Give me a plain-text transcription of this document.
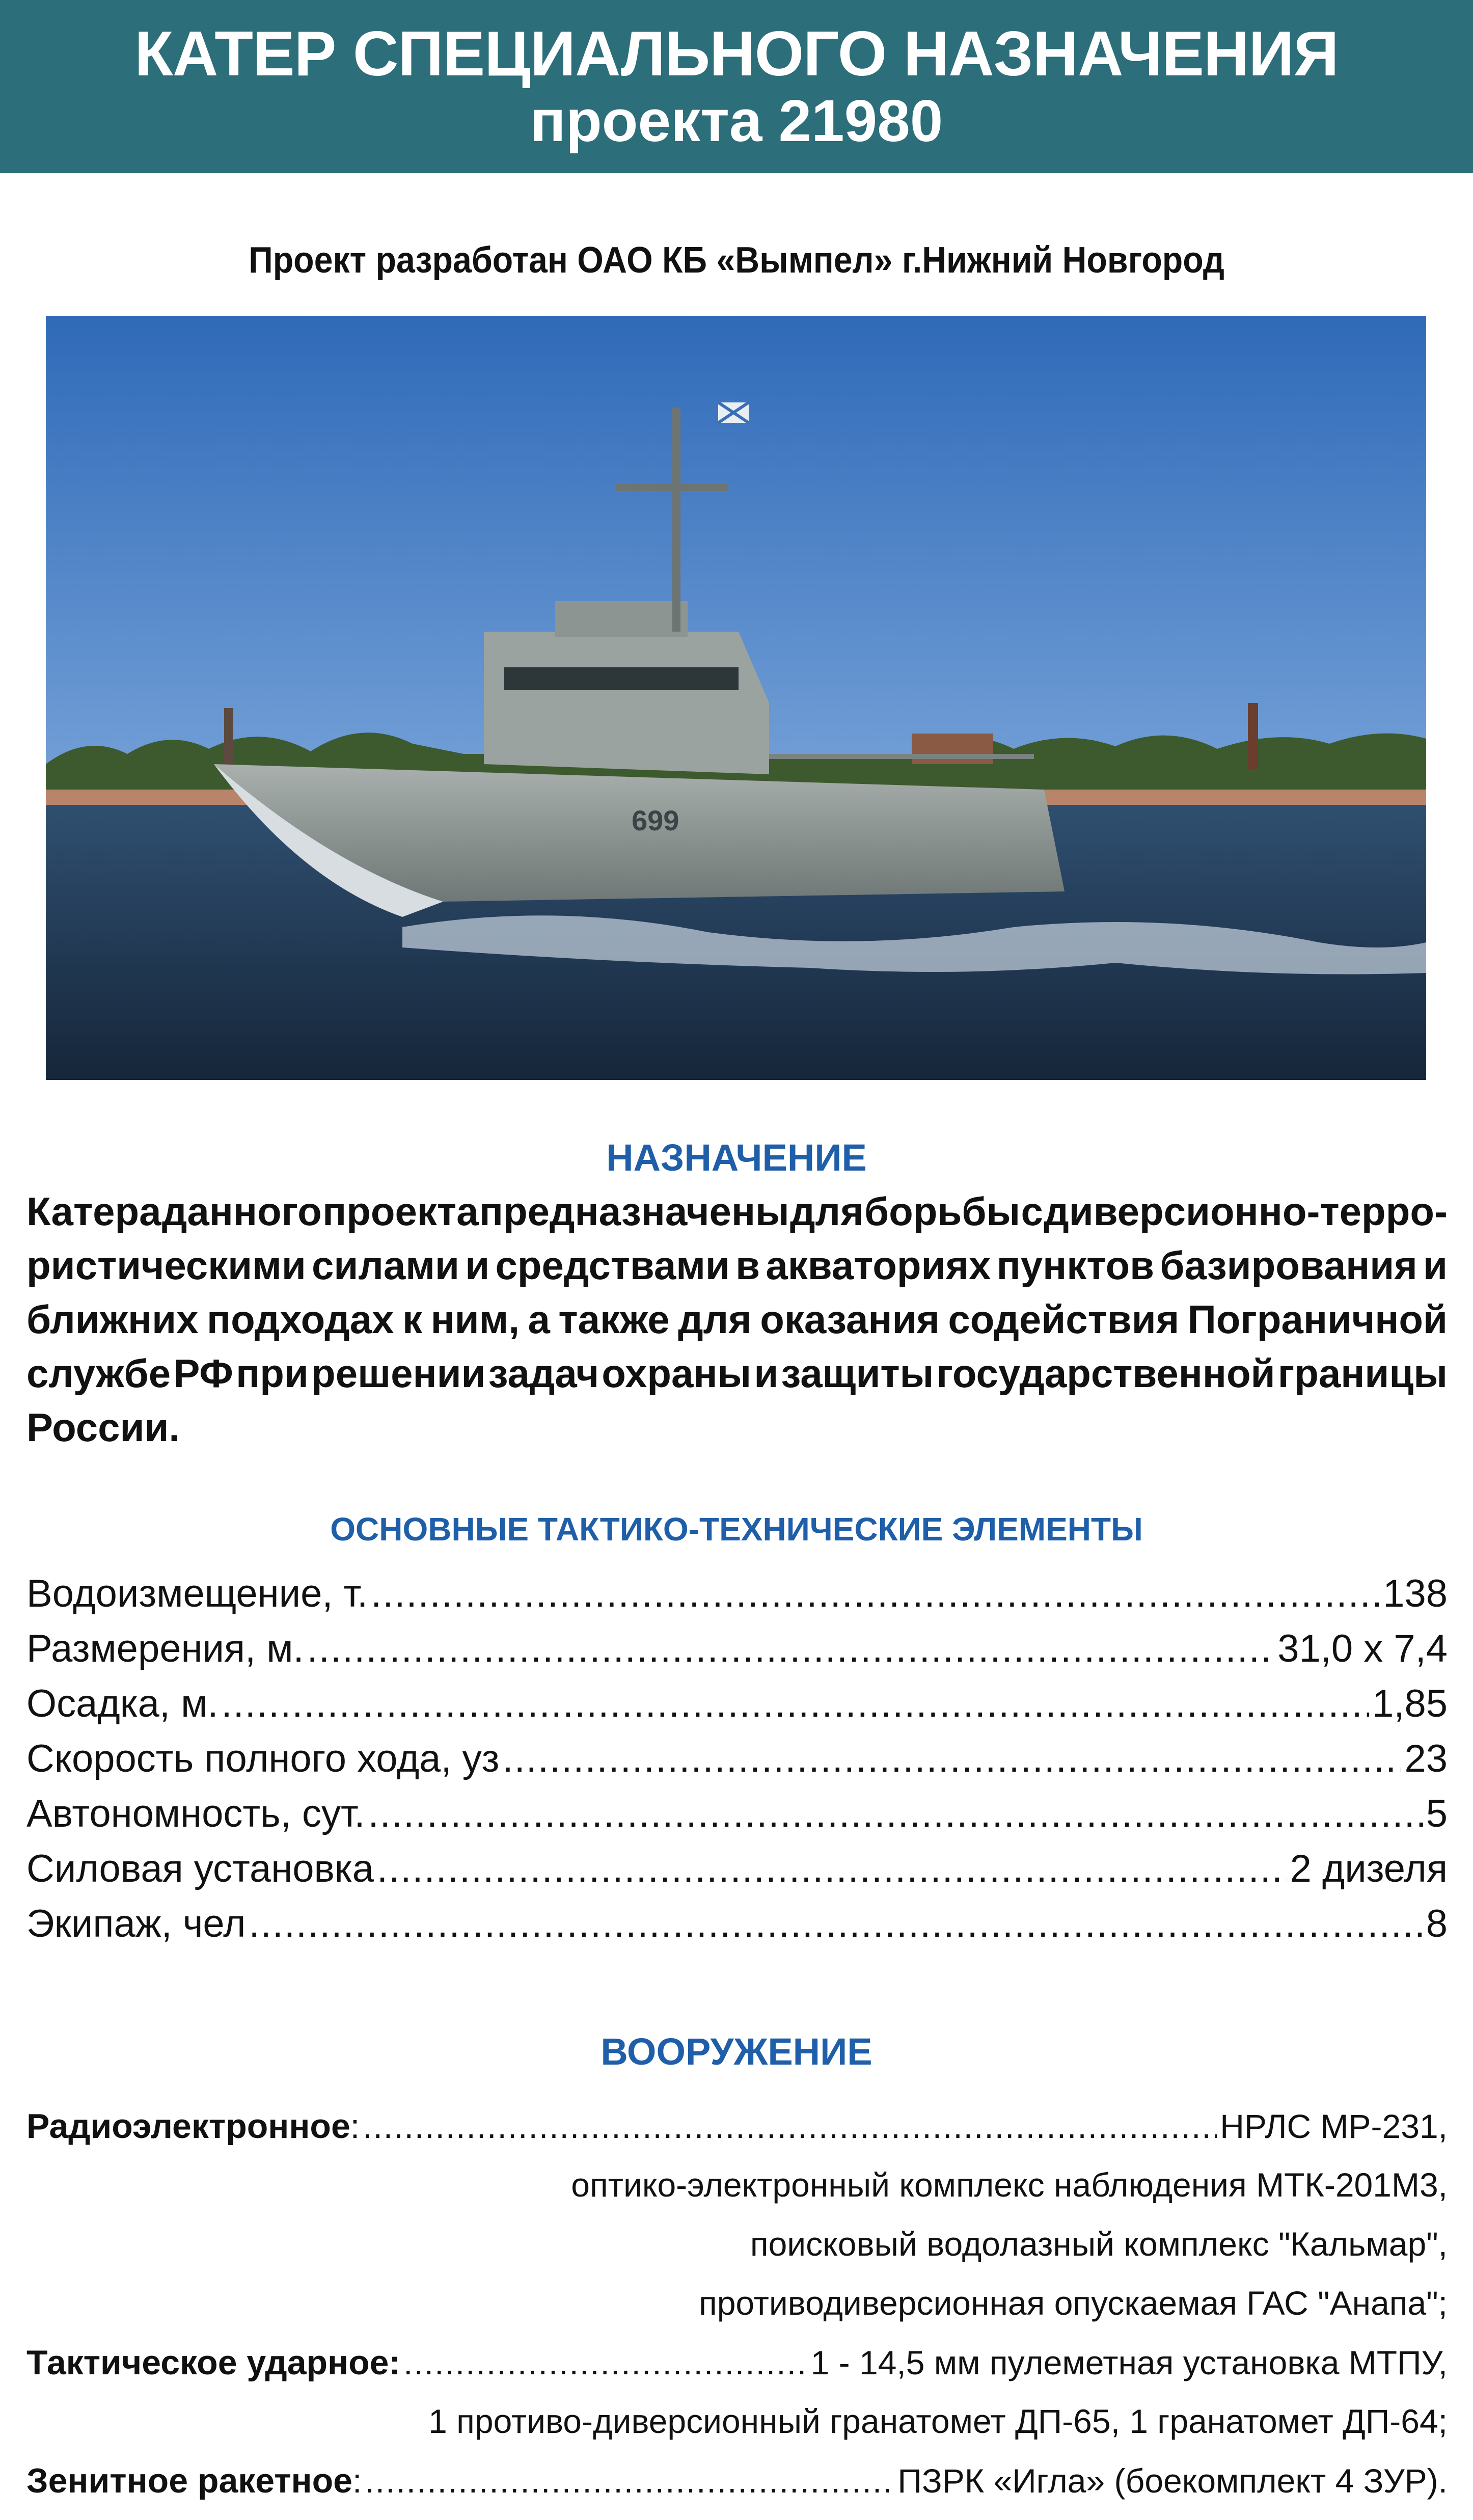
КАТЕР СПЕЦИАЛЬНОГО НАЗНАЧЕНИЯ
проекта 21980
Проект разработан ОАО КБ «Вымпел» г.Нижний Новгород
699
НАЗНАЧЕНИЕ
Катера данного проекта предназначены для борьбы с диверсионно-терро-
ристическими силами и средствами в акваториях пунктов базирования и
ближних подходах к ним, а также для оказания содействия Пограничной
службе РФ при решении задач охраны и защиты государственной границы
России.
ОСНОВНЫЕ ТАКТИКО-ТЕХНИЧЕСКИЕ ЭЛЕМЕНТЫ
Водоизмещение, т. .....	138
Размерения, м. .....	31,0 х 7,4
Осадка, м. .....	1,85
Скорость полного хода, уз .....	23
Автономность, сут. .....	5
Силовая установка .....	2 дизеля
Экипаж, чел .....	8
ВООРУЖЕНИЕ
Радиоэлектронное : .....	НРЛС МР-231,
оптико-электронный комплекс наблюдения МТК-201М3,
поисковый водолазный комплекс "Кальмар",
противодиверсионная опускаемая ГАС "Анапа";
Тактическое ударное: .....	1 - 14,5 мм пулеметная установка МТПУ,
1 противо-диверсионный гранатомет ДП-65, 1 гранатомет ДП-64;
Зенитное ракетное : .....	ПЗРК «Игла» (боекомплект 4 ЗУР).
